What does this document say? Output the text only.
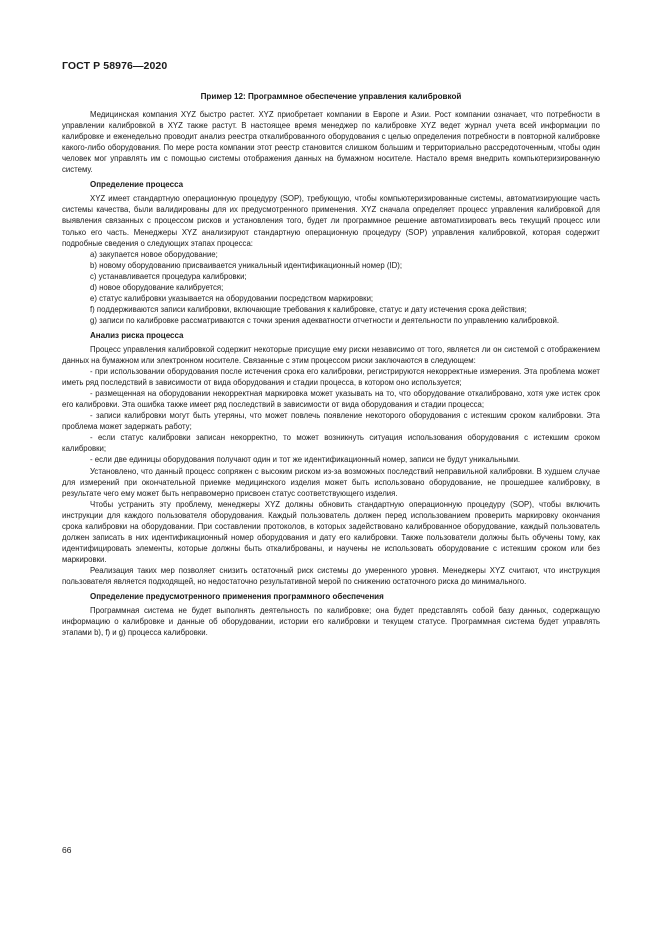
ГОСТ Р 58976—2020
Пример 12: Программное обеспечение управления калибровкой

Медицинская компания XYZ быстро растет. XYZ приобретает компании в Европе и Азии. Рост компании означает, что потребности в управлении калибровкой в XYZ также растут. В настоящее время менеджер по калибровке XYZ ведет журнал учета всей информации по калибровке и еженедельно проводит анализ реестра откалиброванного оборудования с целью определения потребности в повторной калибровке какого-либо оборудования. По мере роста компании этот реестр становится слишком большим и территориально рассредоточенным, чтобы один человек мог управлять им с помощью системы отображения данных на бумажном носителе. Настало время внедрить компьютеризированную систему.

Определение процесса

XYZ имеет стандартную операционную процедуру (SOP), требующую, чтобы компьютеризированные системы, автоматизирующие часть системы качества, были валидированы для их предусмотренного применения. XYZ сначала определяет процесс управления калибровкой для выявления связанных с процессом рисков и установления того, будет ли программное решение автоматизировать весь текущий процесс или только его часть. Менеджеры XYZ анализируют стандартную операционную процедуру (SOP) управления калибровкой, которая содержит подробные сведения о следующих этапах процесса:

а) закупается новое оборудование;

b) новому оборудованию присваивается уникальный идентификационный номер (ID);

c) устанавливается процедура калибровки;

d) новое оборудование калибруется;

e) статус калибровки указывается на оборудовании посредством маркировки;

f) поддерживаются записи калибровки, включающие требования к калибровке, статус и дату истечения срока действия;

g) записи по калибровке рассматриваются с точки зрения адекватности отчетности и деятельности по управлению калибровкой.

Анализ риска процесса

Процесс управления калибровкой содержит некоторые присущие ему риски независимо от того, является ли он системой с отображением данных на бумажном или электронном носителе. Связанные с этим процессом риски заключаются в следующем:

- при использовании оборудования после истечения срока его калибровки, регистрируются некорректные измерения. Эта проблема может иметь ряд последствий в зависимости от вида оборудования и стадии процесса, в котором оно используется;

- размещенная на оборудовании некорректная маркировка может указывать на то, что оборудование откалибровано, хотя уже истек срок его калибровки. Эта ошибка также имеет ряд последствий в зависимости от вида оборудования и стадии процесса;

- записи калибровки могут быть утеряны, что может повлечь появление некоторого оборудования с истекшим сроком калибровки. Эта проблема может задержать работу;

- если статус калибровки записан некорректно, то может возникнуть ситуация использования оборудования с истекшим сроком калибровки;

- если две единицы оборудования получают один и тот же идентификационный номер, записи не будут уникальными.

Установлено, что данный процесс сопряжен с высоким риском из-за возможных последствий неправильной калибровки. В худшем случае для измерений при окончательной приемке медицинского изделия может быть использовано оборудование, не прошедшее калибровку, в результате чего ему может быть неправомерно присвоен статус соответствующего изделия.

Чтобы устранить эту проблему, менеджеры XYZ должны обновить стандартную операционную процедуру (SOP), чтобы включить инструкции для каждого пользователя оборудования. Каждый пользователь должен перед использованием проверить маркировку окончания срока калибровки на оборудовании. При составлении протоколов, в которых задействовано калиброванное оборудование, каждый пользователь должен записать в них идентификационный номер оборудования и дату его калибровки. Также пользователи должны быть обучены тому, как идентифицировать элементы, которые должны быть откалиброваны, и научены не использовать оборудование с истекшим сроком или без маркировки.

Реализация таких мер позволяет снизить остаточный риск системы до умеренного уровня. Менеджеры XYZ считают, что инструкция пользователя является подходящей, но недостаточно результативной мерой по снижению остаточного риска до минимального.

Определение предусмотренного применения программного обеспечения

Программная система не будет выполнять деятельность по калибровке; она будет представлять собой базу данных, содержащую информацию о калибровке и данные об оборудовании, истории его калибровки и текущем статусе. Программная система будет управлять этапами b), f) и g) процесса калибровки.

66
